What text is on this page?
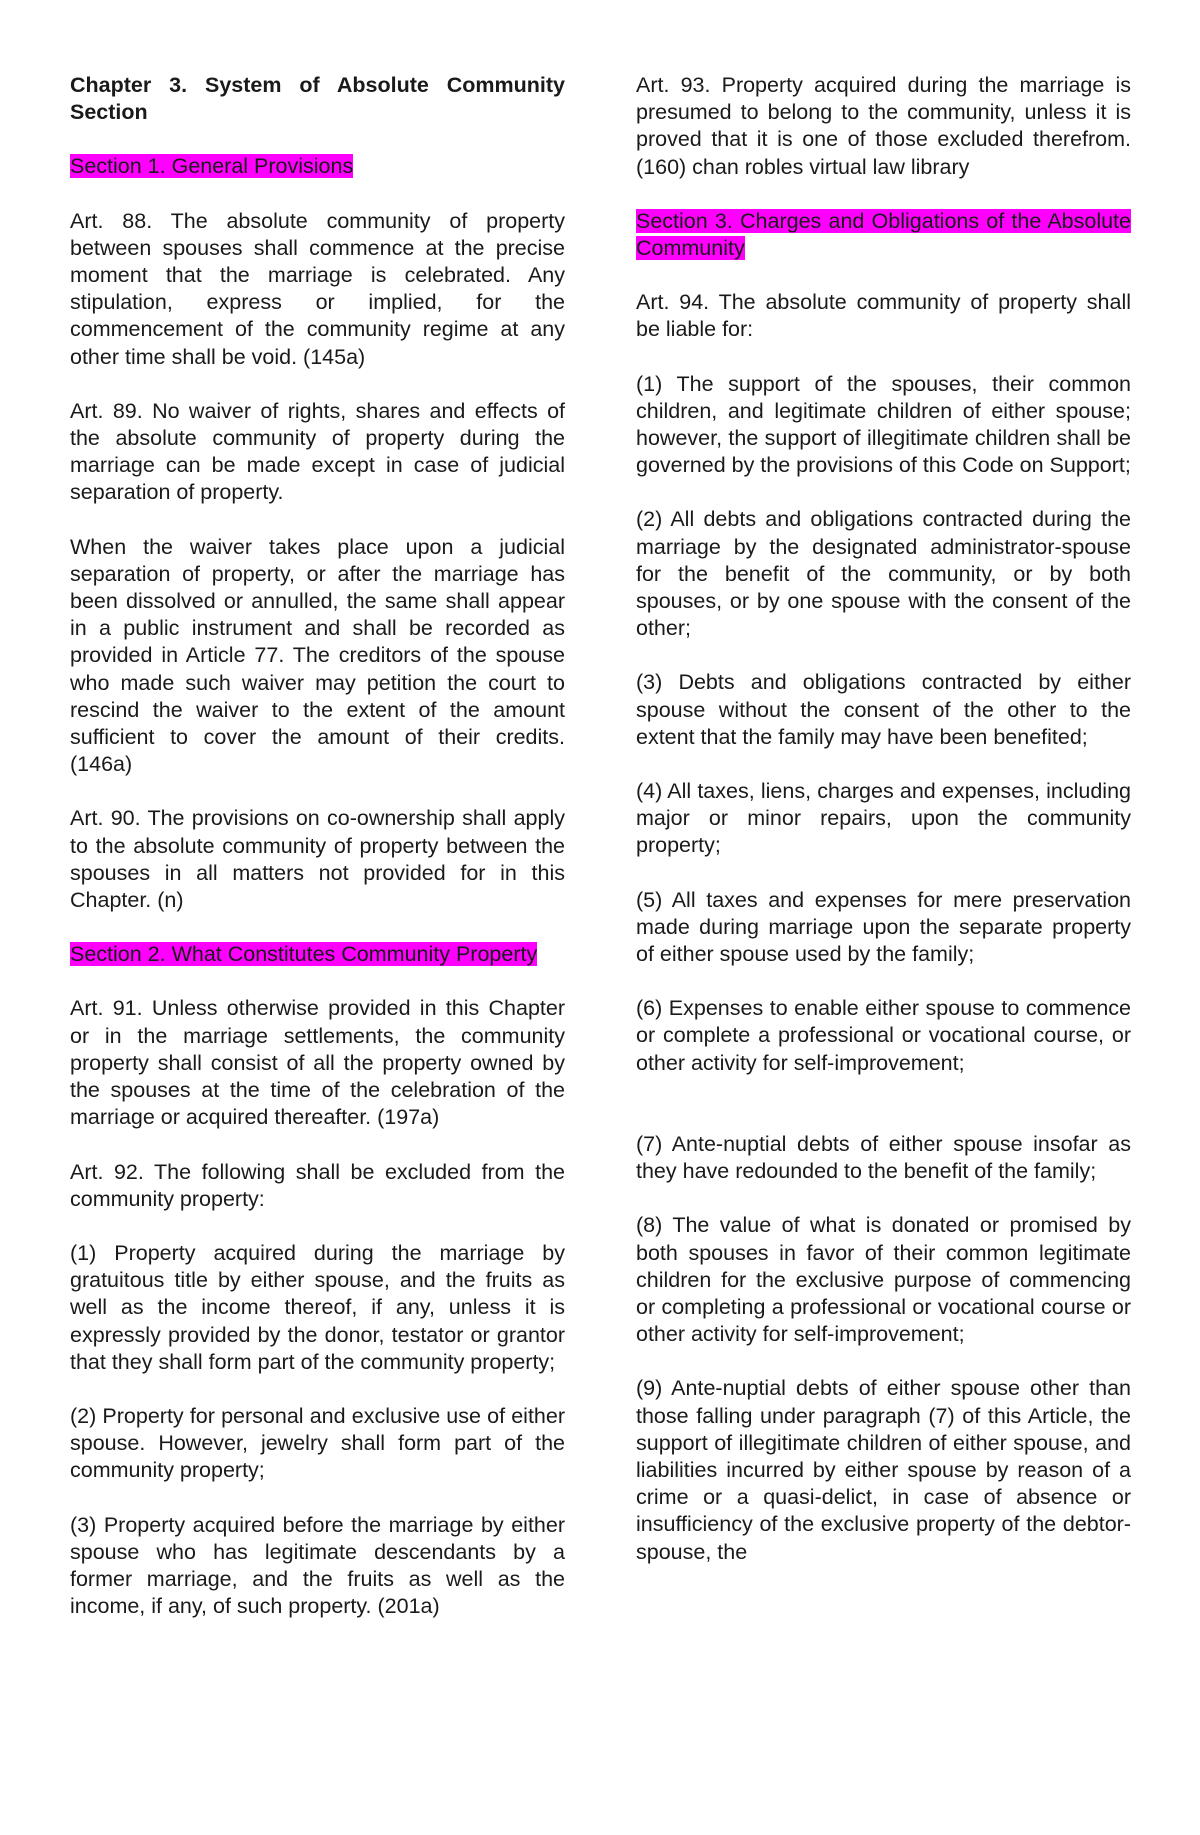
Chapter 3. System of Absolute Community Section

Section 1. General Provisions

Art. 88. The absolute community of property between spouses shall commence at the precise moment that the marriage is celebrated. Any stipulation, express or implied, for the commencement of the community regime at any other time shall be void. (145a)

Art. 89. No waiver of rights, shares and effects of the absolute community of property during the marriage can be made except in case of judicial separation of property.

When the waiver takes place upon a judicial separation of property, or after the marriage has been dissolved or annulled, the same shall appear in a public instrument and shall be recorded as provided in Article 77. The creditors of the spouse who made such waiver may petition the court to rescind the waiver to the extent of the amount sufficient to cover the amount of their credits. (146a)

Art. 90. The provisions on co-ownership shall apply to the absolute community of property between the spouses in all matters not provided for in this Chapter. (n)

Section 2. What Constitutes Community Property

Art. 91. Unless otherwise provided in this Chapter or in the marriage settlements, the community property shall consist of all the property owned by the spouses at the time of the celebration of the marriage or acquired thereafter. (197a)

Art. 92. The following shall be excluded from the community property:

(1) Property acquired during the marriage by gratuitous title by either spouse, and the fruits as well as the income thereof, if any, unless it is expressly provided by the donor, testator or grantor that they shall form part of the community property;

(2) Property for personal and exclusive use of either spouse. However, jewelry shall form part of the community property;

(3) Property acquired before the marriage by either spouse who has legitimate descendants by a former marriage, and the fruits as well as the income, if any, of such property. (201a)

Art. 93. Property acquired during the marriage is presumed to belong to the community, unless it is proved that it is one of those excluded therefrom. (160) chan robles virtual law library

Section 3. Charges and Obligations of the Absolute Community

Art. 94. The absolute community of property shall be liable for:

(1) The support of the spouses, their common children, and legitimate children of either spouse; however, the support of illegitimate children shall be governed by the provisions of this Code on Support;

(2) All debts and obligations contracted during the marriage by the designated administrator-spouse for the benefit of the community, or by both spouses, or by one spouse with the consent of the other;

(3) Debts and obligations contracted by either spouse without the consent of the other to the extent that the family may have been benefited;

(4) All taxes, liens, charges and expenses, including major or minor repairs, upon the community property;

(5) All taxes and expenses for mere preservation made during marriage upon the separate property of either spouse used by the family;

(6) Expenses to enable either spouse to commence or complete a professional or vocational course, or other activity for self-improvement;

(7) Ante-nuptial debts of either spouse insofar as they have redounded to the benefit of the family;

(8) The value of what is donated or promised by both spouses in favor of their common legitimate children for the exclusive purpose of commencing or completing a professional or vocational course or other activity for self-improvement;

(9) Ante-nuptial debts of either spouse other than those falling under paragraph (7) of this Article, the support of illegitimate children of either spouse, and liabilities incurred by either spouse by reason of a crime or a quasi-delict, in case of absence or insufficiency of the exclusive property of the debtor-spouse, the
